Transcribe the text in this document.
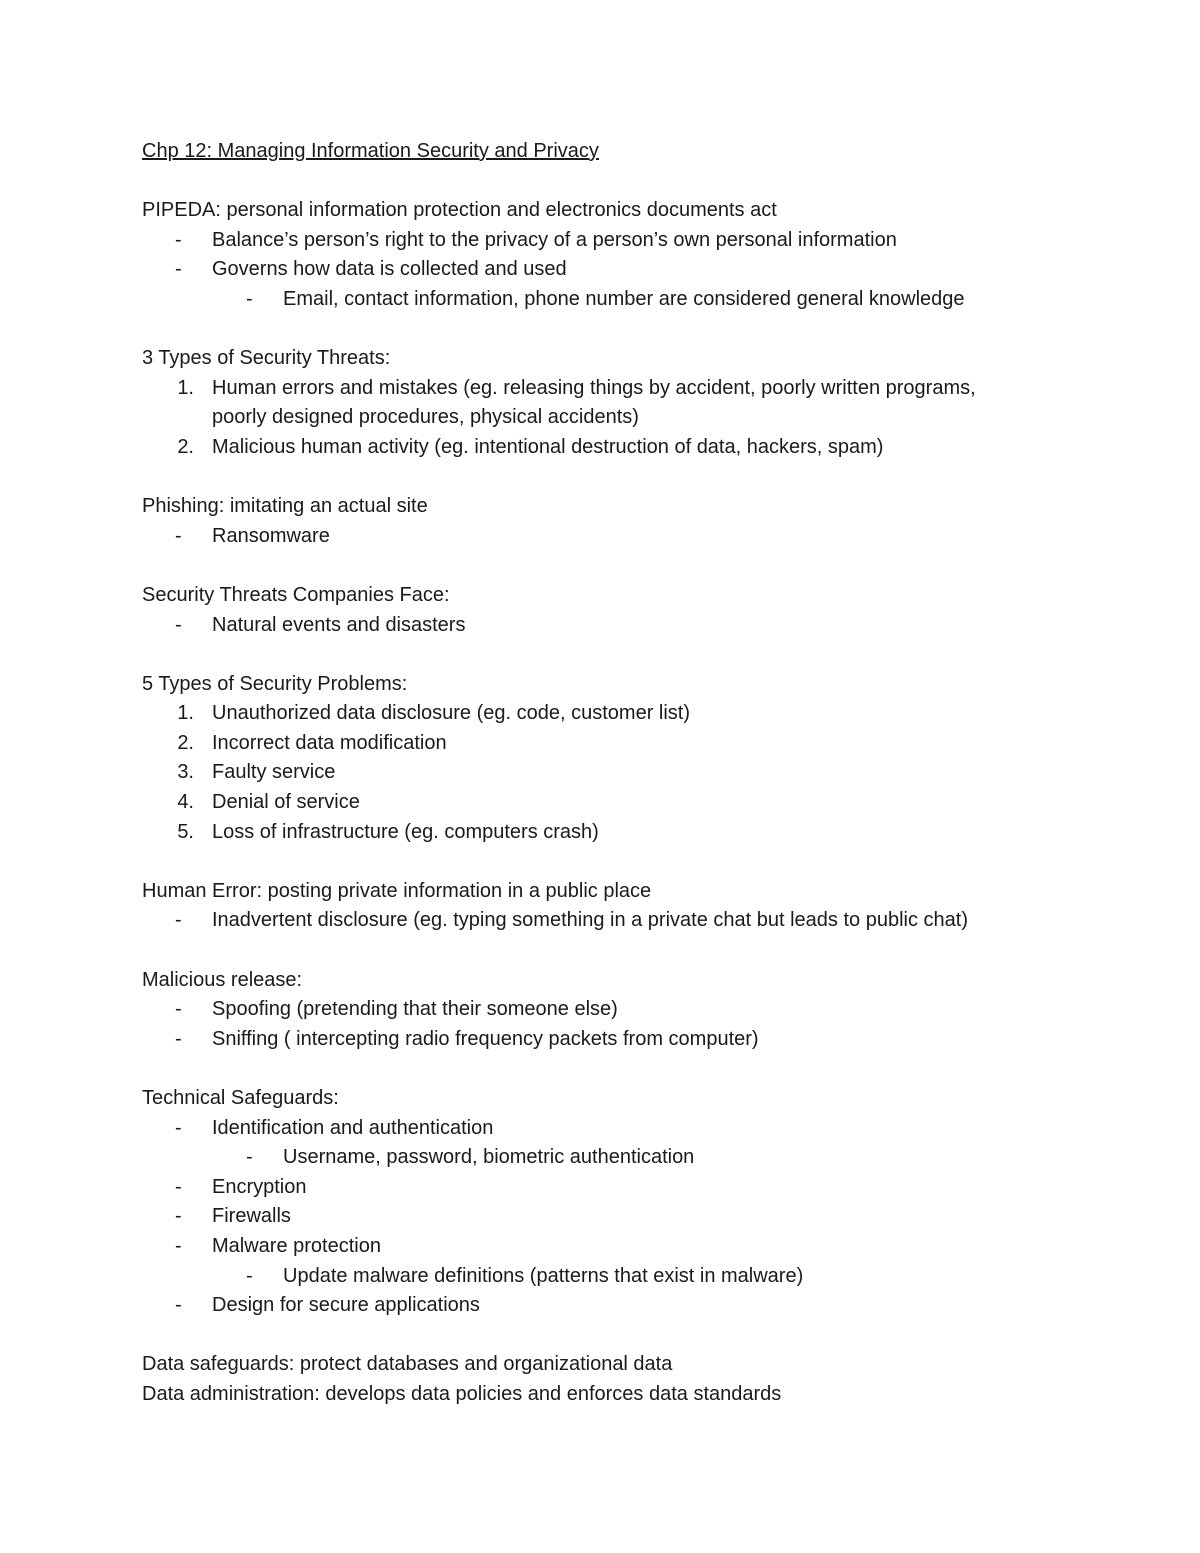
Chp 12: Managing Information Security and Privacy
PIPEDA: personal information protection and electronics documents act
- Balance’s person’s right to the privacy of a person’s own personal information
- Governs how data is collected and used
- Email, contact information, phone number are considered general knowledge
3 Types of Security Threats:
1. Human errors and mistakes (eg. releasing things by accident, poorly written programs,
poorly designed procedures, physical accidents)
2. Malicious human activity (eg. intentional destruction of data, hackers, spam)
Phishing: imitating an actual site
- Ransomware
Security Threats Companies Face:
- Natural events and disasters
5 Types of Security Problems:
1. Unauthorized data disclosure (eg. code, customer list)
2. Incorrect data modification
3. Faulty service
4. Denial of service
5. Loss of infrastructure (eg. computers crash)
Human Error: posting private information in a public place
- Inadvertent disclosure (eg. typing something in a private chat but leads to public chat)
Malicious release:
- Spoofing (pretending that their someone else)
- Sniffing ( intercepting radio frequency packets from computer)
Technical Safeguards:
- Identification and authentication
- Username, password, biometric authentication
- Encryption
- Firewalls
- Malware protection
- Update malware definitions (patterns that exist in malware)
- Design for secure applications
Data safeguards: protect databases and organizational data
Data administration: develops data policies and enforces data standards
